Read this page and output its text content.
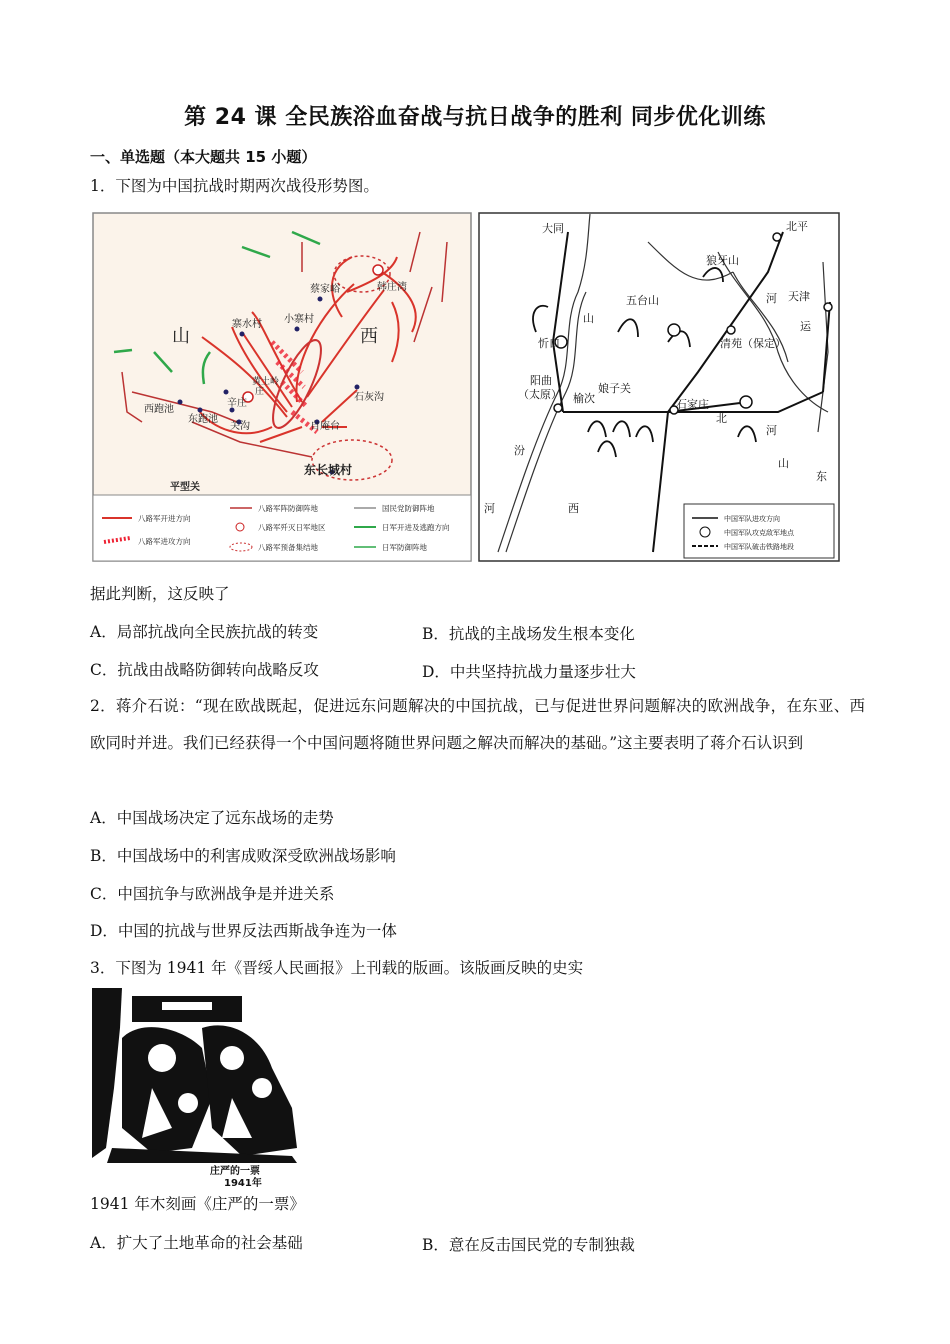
第 24 课 全民族浴血奋战与抗日战争的胜利 同步优化训练
一、单选题（本大题共 15 小题）
1．下图为中国抗战时期两次战役形势图。
蔡家峪	韩庄湾
寨水村 小寨村
山	西
石灰沟
西跑池
东跑池
辛庄
关沟
庄
黄土岭
自庵台
东长城村
平型关
八路军开进方向
八路军进攻方向
八路军阵防御阵地
八路军歼灭日军地区
八路军预备集结地
国民党防御阵地
日军开进及逃跑方向
日军防御阵地
大同	北平
天津
狼牙山
五台山
山
河
忻口	清苑（保定）
运
阳曲
（太原） 榆次
娘子关
石家庄
北
河
汾
西
山
东
河
中国军队进攻方向
中国军队攻克敌军地点
中国军队破击铁路地段
据此判断，这反映了
A．局部抗战向全民族抗战的转变	B．抗战的主战场发生根本变化
C．抗战由战略防御转向战略反攻	D．中共坚持抗战力量逐步壮大
2．蒋介石说：“现在欧战既起，促进远东问题解决的中国抗战，已与促进世界问题解决的欧洲战争，在东亚、西欧同时并进。我们已经获得一个中国问题将随世界问题之解决而解决的基础。”这主要表明了蒋介石认识到
A．中国战场决定了远东战场的走势
B．中国战场中的利害成败深受欧洲战场影响
C．中国抗争与欧洲战争是并进关系
D．中国的抗战与世界反法西斯战争连为一体
3．下图为 1941 年《晋绥人民画报》上刊载的版画。该版画反映的史实
庄严的一票
1941年
1941 年木刻画《庄严的一票》
A．扩大了土地革命的社会基础	B．意在反击国民党的专制独裁
